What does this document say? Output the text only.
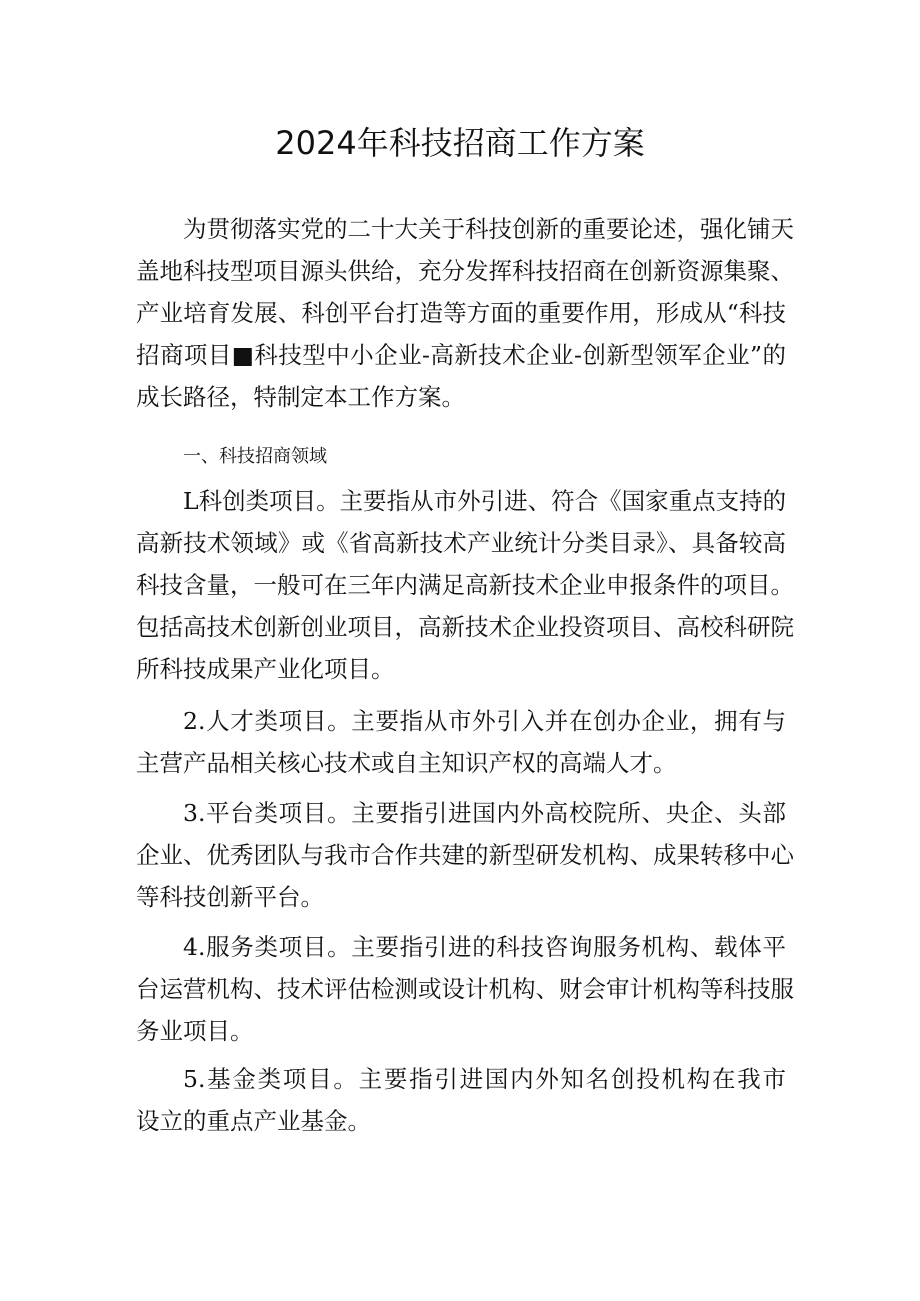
2024年科技招商工作方案
为贯彻落实党的二十大关于科技创新的重要论述，强化铺天
盖地科技型项目源头供给，充分发挥科技招商在创新资源集聚、
产业培育发展、科创平台打造等方面的重要作用，形成从“科技
招商项目■科技型中小企业-高新技术企业-创新型领军企业”的
成长路径，特制定本工作方案。
一、科技招商领域
L科创类项目。主要指从市外引进、符合《国家重点支持的
高新技术领域》或《省高新技术产业统计分类目录》、具备较高
科技含量，一般可在三年内满足高新技术企业申报条件的项目。
包括高技术创新创业项目，高新技术企业投资项目、高校科研院
所科技成果产业化项目。
2.人才类项目。主要指从市外引入并在创办企业，拥有与
主营产品相关核心技术或自主知识产权的高端人才。
3.平台类项目。主要指引进国内外高校院所、央企、头部
企业、优秀团队与我市合作共建的新型研发机构、成果转移中心
等科技创新平台。
4.服务类项目。主要指引进的科技咨询服务机构、载体平
台运营机构、技术评估检测或设计机构、财会审计机构等科技服
务业项目。
5.基金类项目。主要指引进国内外知名创投机构在我市
设立的重点产业基金。
